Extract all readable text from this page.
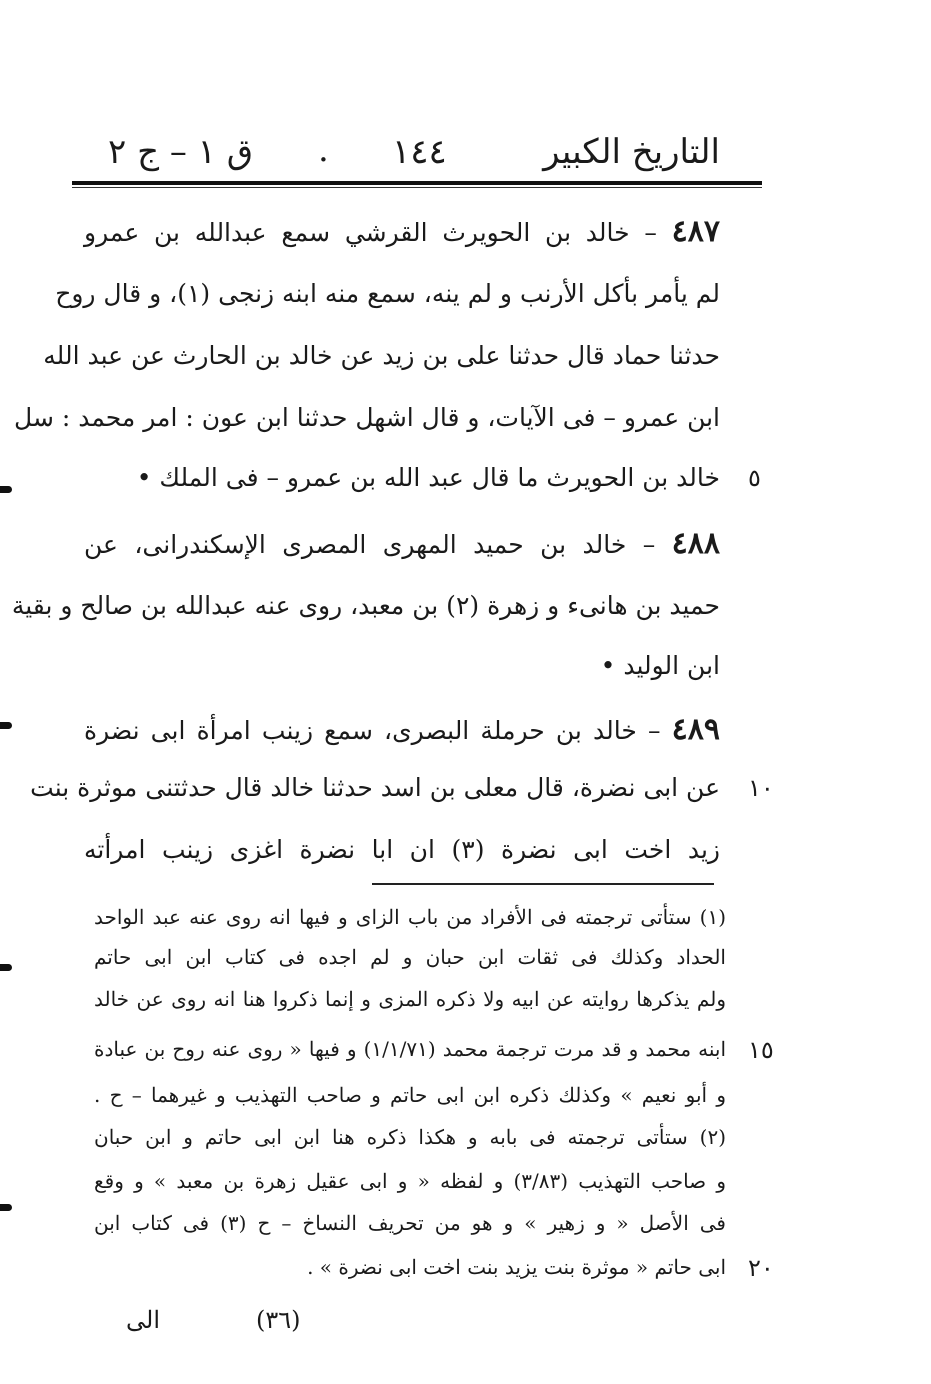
ق ١ – ج ٢ . ١٤٤	التاريخ الكبير
٤٨٧ – خالد بن الحويرث القرشي سمع عبدالله بن عمرو
لم يأمر بأكل الأرنب و لم ينه، سمع منه ابنه زنجى (١)، و قال روح
حدثنا حماد قال حدثنا على بن زيد عن خالد بن الحارث عن عبد الله
ابن عمرو – فى الآيات، و قال اشهل حدثنا ابن عون : امر محمد : سل
خالد بن الحويرث ما قال عبد الله بن عمرو – فى الملك • ٥
٤٨٨ – خالد بن حميد المهرى المصرى الإسكندرانى، عن
حميد بن هانىء و زهرة (٢) بن معبد، روى عنه عبدالله بن صالح و بقية
ابن الوليد •
٤٨٩ – خالد بن حرملة البصرى، سمع زينب امرأة ابى نضرة
عن ابى نضرة، قال معلى بن اسد حدثنا خالد قال حدثتنى موثرة بنت ١٠
زيد اخت ابى نضرة (٣) ان ابا نضرة اغزى زينب امرأته
(١) ستأتى ترجمته فى الأفراد من باب الزاى و فيها انه روى عنه عبد الواحد
الحداد وكذلك فى ثقات ابن حبان و لم اجده فى كتاب ابن ابى حاتم
ولم يذكرها روايته عن ابيه ولا ذكره المزى و إنما ذكروا هنا انه روى عن خالد
ابنه محمد و قد مرت ترجمة محمد (١/١/٧١) و فيها « روى عنه روح بن عبادة ١٥
و أبو نعيم » وكذلك ذكره ابن ابى حاتم و صاحب التهذيب و غيرهما – ح .
(٢) ستأتى ترجمته فى بابه و هكذا ذكره هنا ابن ابى حاتم و ابن حبان
و صاحب التهذيب (٣/٨٣) و لفظه « و ابى عقيل زهرة بن معبد » و وقع
فى الأصل « و زهير » و هو من تحريف النساخ – ح (٣) فى كتاب ابن
ابى حاتم « موثرة بنت يزيد بنت اخت ابى نضرة » . ٢٠
(٣٦)
الى
